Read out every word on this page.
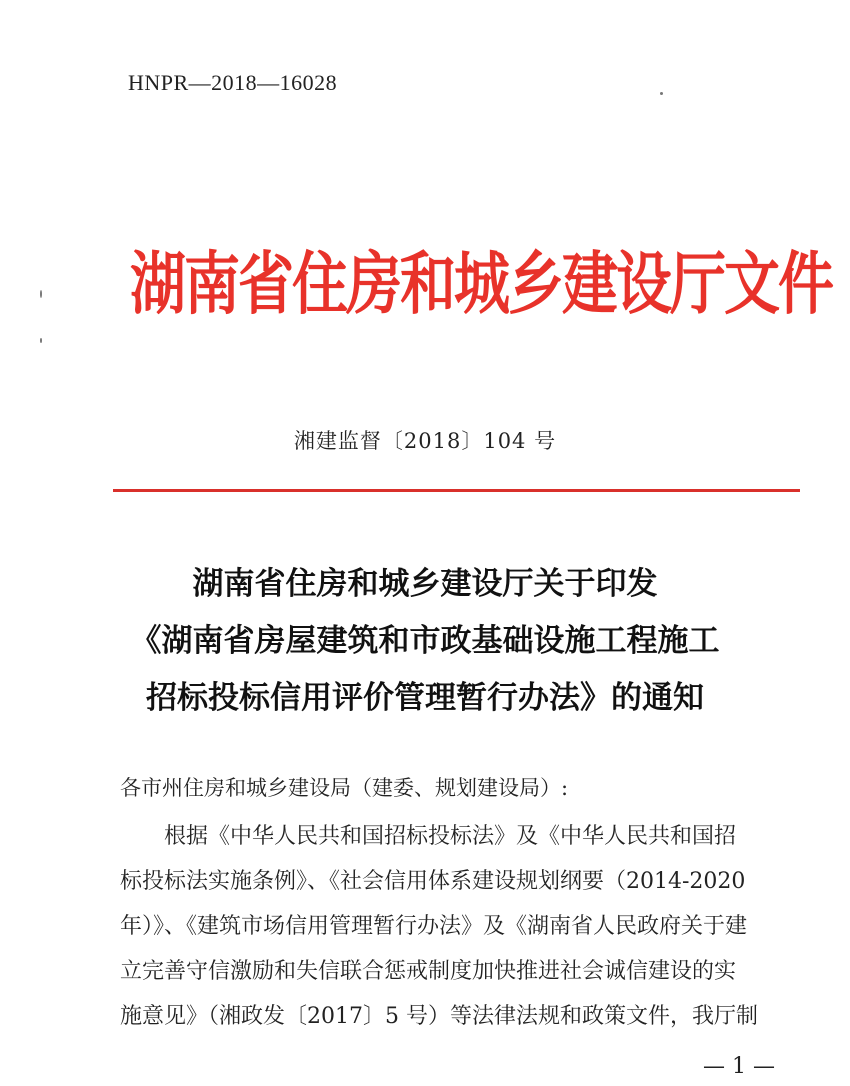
HNPR—2018—16028
湖南省住房和城乡建设厅文件
湘建监督〔2018〕104 号
湖南省住房和城乡建设厅关于印发
《湖南省房屋建筑和市政基础设施工程施工
招标投标信用评价管理暂行办法》的通知
各市州住房和城乡建设局（建委、规划建设局）:
根据《中华人民共和国招标投标法》及《中华人民共和国招
标投标法实施条例》、《社会信用体系建设规划纲要（2014-2020
年）》、《建筑市场信用管理暂行办法》及《湖南省人民政府关于建
立完善守信激励和失信联合惩戒制度加快推进社会诚信建设的实
施意见》（湘政发〔2017〕5 号）等法律法规和政策文件，我厅制
— 1 —
